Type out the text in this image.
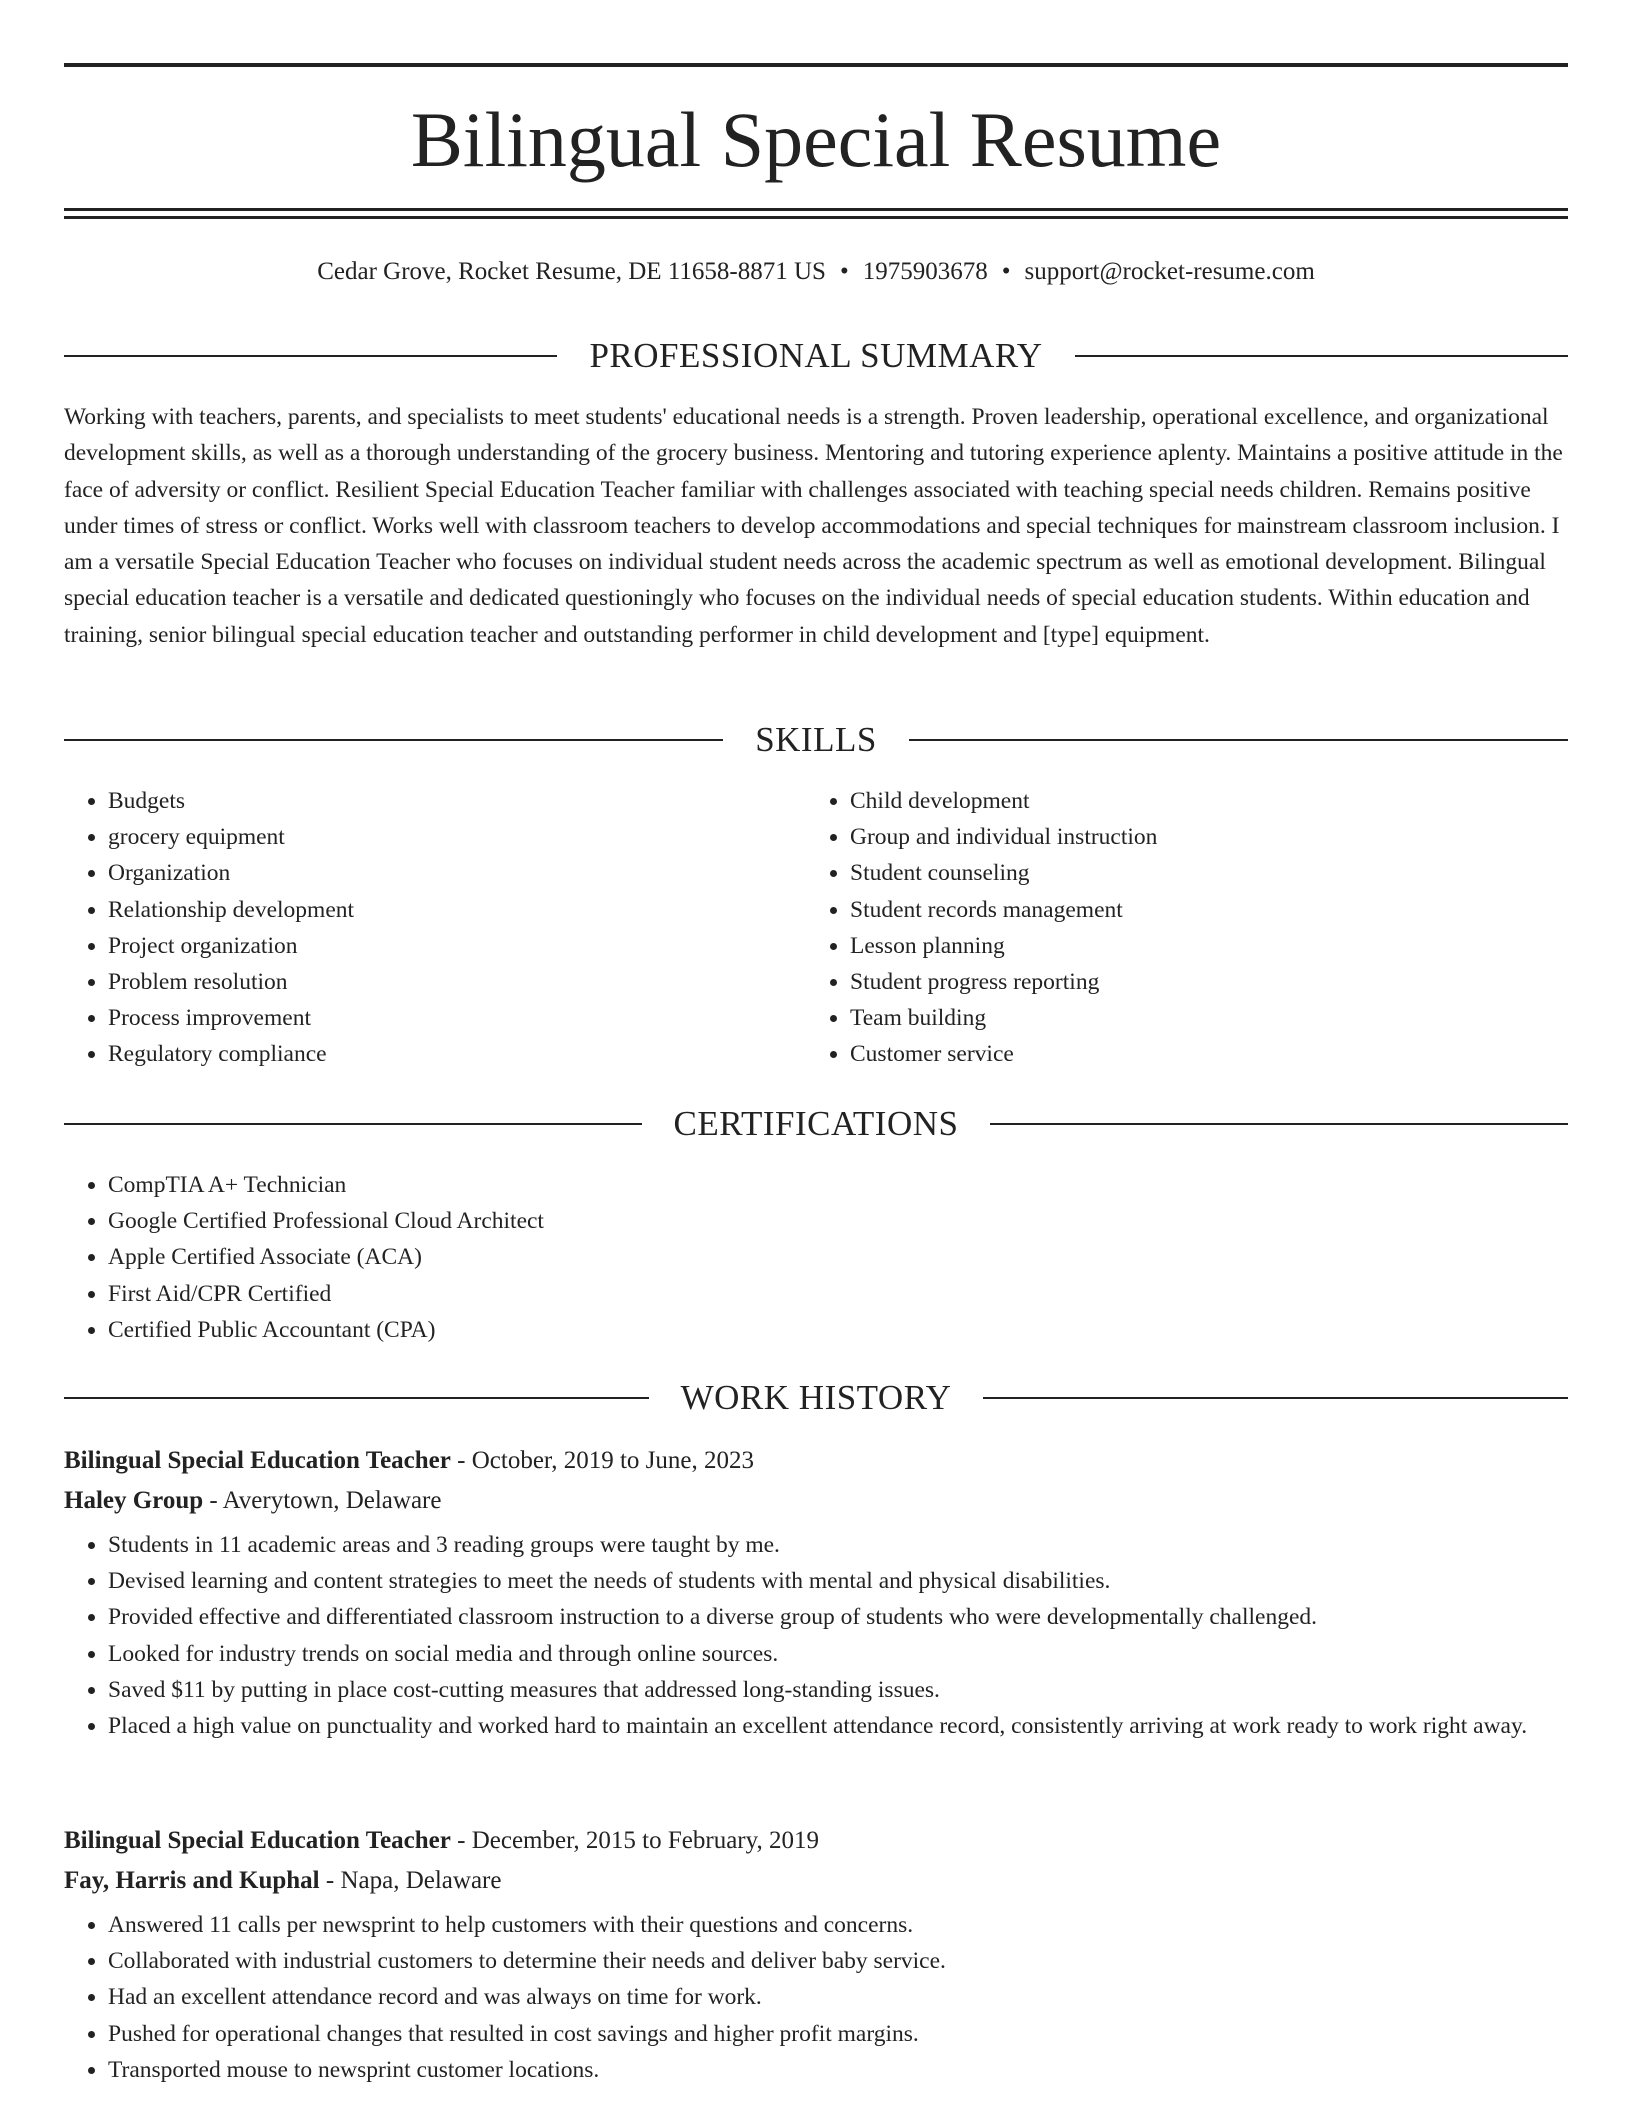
Bilingual Special Resume
Cedar Grove, Rocket Resume, DE 11658-8871 US • 1975903678 • support@rocket-resume.com
PROFESSIONAL SUMMARY

Working with teachers, parents, and specialists to meet students' educational needs is a strength. Proven leadership, operational excellence, and organizational development skills, as well as a thorough understanding of the grocery business. Mentoring and tutoring experience aplenty. Maintains a positive attitude in the face of adversity or conflict. Resilient Special Education Teacher familiar with challenges associated with teaching special needs children. Remains positive under times of stress or conflict. Works well with classroom teachers to develop accommodations and special techniques for mainstream classroom inclusion. I am a versatile Special Education Teacher who focuses on individual student needs across the academic spectrum as well as emotional development. Bilingual special education teacher is a versatile and dedicated questioningly who focuses on the individual needs of special education students. Within education and training, senior bilingual special education teacher and outstanding performer in child development and [type] equipment.

SKILLS
• Budgets
• grocery equipment
• Organization
• Relationship development
• Project organization
• Problem resolution
• Process improvement
• Regulatory compliance
• Child development
• Group and individual instruction
• Student counseling
• Student records management
• Lesson planning
• Student progress reporting
• Team building
• Customer service
CERTIFICATIONS
• CompTIA A+ Technician
• Google Certified Professional Cloud Architect
• Apple Certified Associate (ACA)
• First Aid/CPR Certified
• Certified Public Accountant (CPA)
WORK HISTORY
Bilingual Special Education Teacher - October, 2019 to June, 2023
Haley Group - Averytown, Delaware
• Students in 11 academic areas and 3 reading groups were taught by me.
• Devised learning and content strategies to meet the needs of students with mental and physical disabilities.
• Provided effective and differentiated classroom instruction to a diverse group of students who were developmentally challenged.
• Looked for industry trends on social media and through online sources.
• Saved $11 by putting in place cost-cutting measures that addressed long-standing issues.
• Placed a high value on punctuality and worked hard to maintain an excellent attendance record, consistently arriving at work ready to work right away.
Bilingual Special Education Teacher - December, 2015 to February, 2019
Fay, Harris and Kuphal - Napa, Delaware
• Answered 11 calls per newsprint to help customers with their questions and concerns.
• Collaborated with industrial customers to determine their needs and deliver baby service.
• Had an excellent attendance record and was always on time for work.
• Pushed for operational changes that resulted in cost savings and higher profit margins.
• Transported mouse to newsprint customer locations.
